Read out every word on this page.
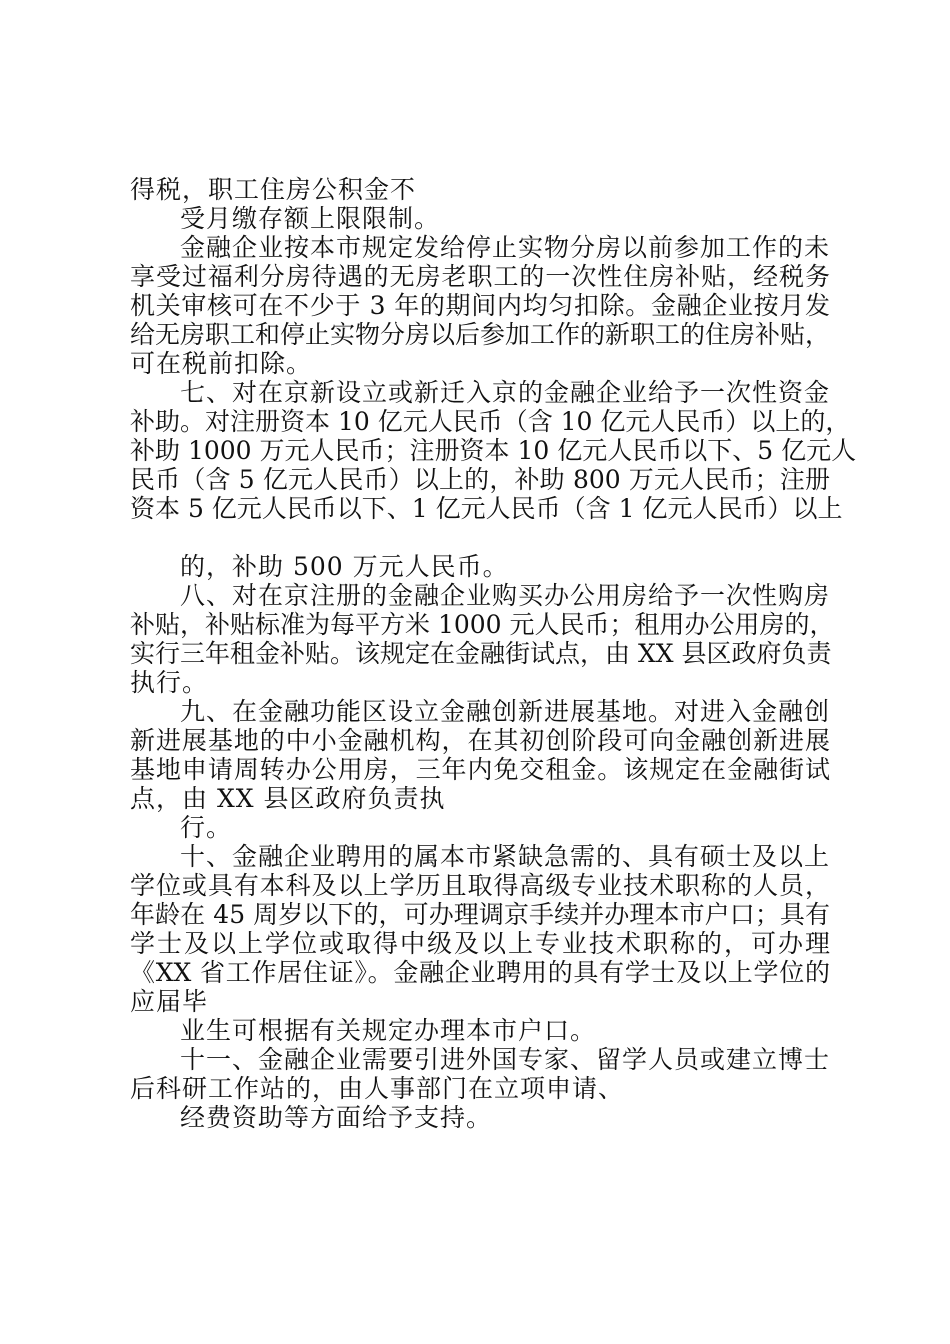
得税，职工住房公积金不
受月缴存额上限限制。
金融企业按本市规定发给停止实物分房以前参加工作的未
享受过福利分房待遇的无房老职工的一次性住房补贴，经税务
机关审核可在不少于 3 年的期间内均匀扣除。金融企业按月发
给无房职工和停止实物分房以后参加工作的新职工的住房补贴，
可在税前扣除。
七、对在京新设立或新迁入京的金融企业给予一次性资金
补助。对注册资本 10 亿元人民币（含 10 亿元人民币）以上的，
补助 1000 万元人民币；注册资本 10 亿元人民币以下、5 亿元人
民币（含 5 亿元人民币）以上的，补助 800 万元人民币；注册
资本 5 亿元人民币以下、1 亿元人民币（含 1 亿元人民币）以上
的，补助 500 万元人民币。
八、对在京注册的金融企业购买办公用房给予一次性购房
补贴，补贴标准为每平方米 1000 元人民币；租用办公用房的，
实行三年租金补贴。该规定在金融街试点，由 XX 县区政府负责
执行。
九、在金融功能区设立金融创新进展基地。对进入金融创
新进展基地的中小金融机构，在其初创阶段可向金融创新进展
基地申请周转办公用房，三年内免交租金。该规定在金融街试
点，由 XX 县区政府负责执
行。
十、金融企业聘用的属本市紧缺急需的、具有硕士及以上
学位或具有本科及以上学历且取得高级专业技术职称的人员，
年龄在 45 周岁以下的，可办理调京手续并办理本市户口；具有
学士及以上学位或取得中级及以上专业技术职称的，可办理
《XX 省工作居住证》。金融企业聘用的具有学士及以上学位的
应届毕
业生可根据有关规定办理本市户口。
十一、金融企业需要引进外国专家、留学人员或建立博士
后科研工作站的，由人事部门在立项申请、
经费资助等方面给予支持。
